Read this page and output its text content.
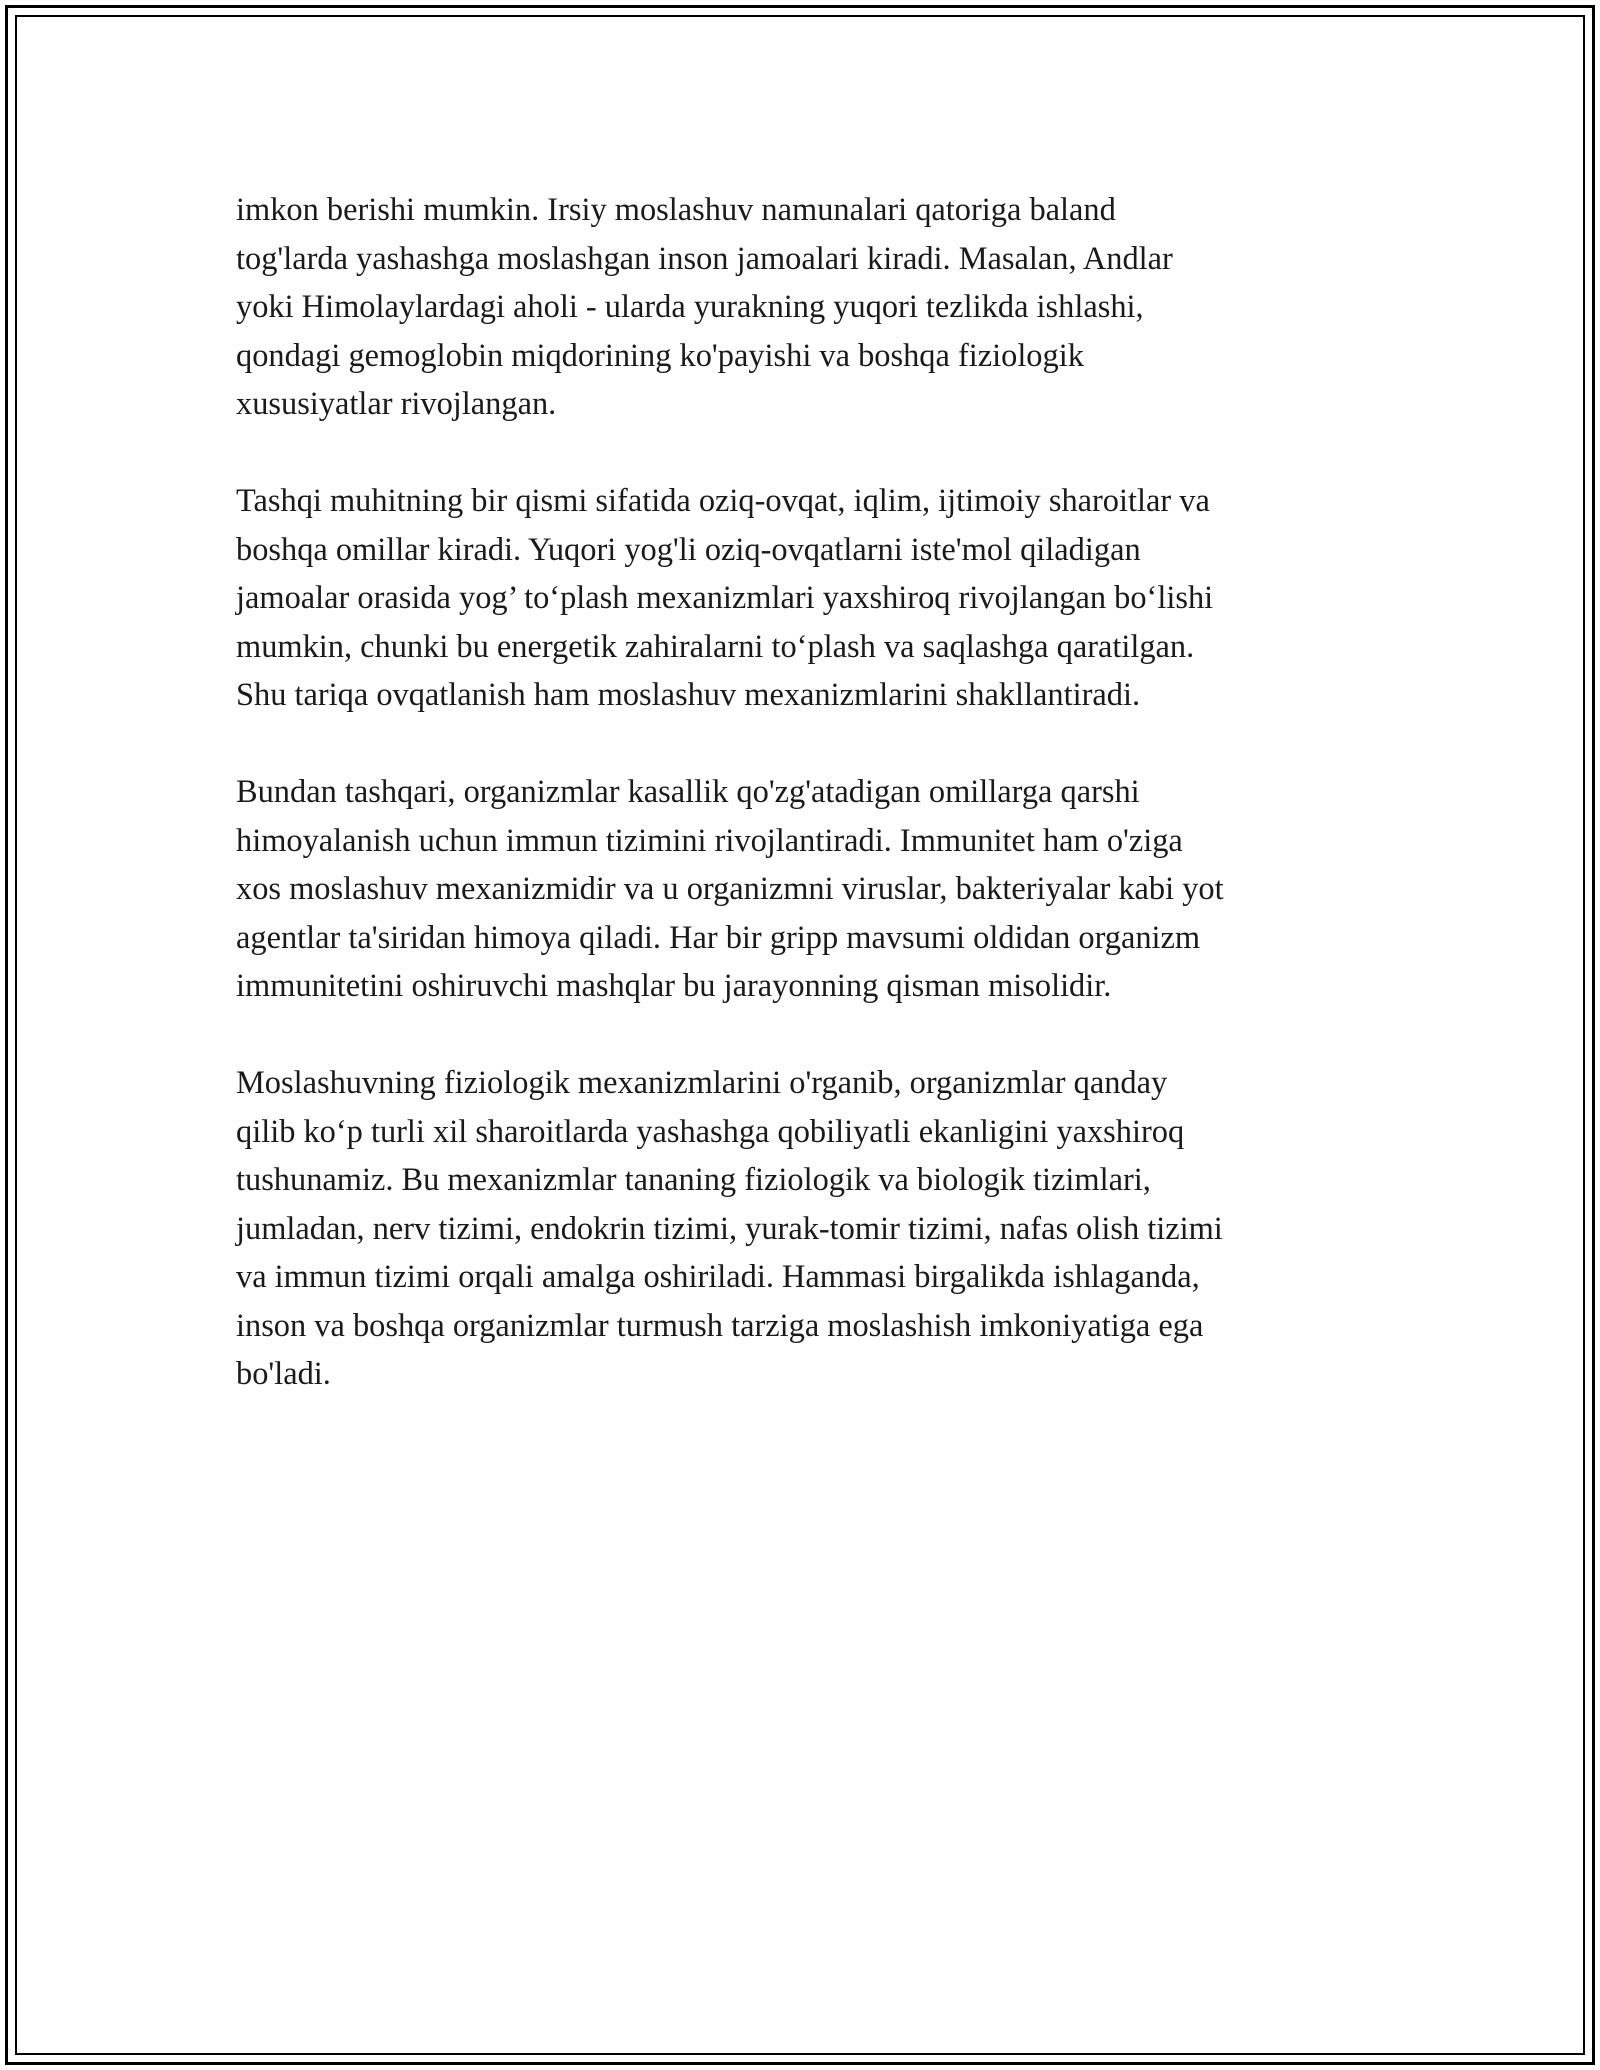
imkon berishi mumkin. Irsiy moslashuv namunalari qatoriga baland
tog'larda yashashga moslashgan inson jamoalari kiradi. Masalan, Andlar
yoki Himolaylardagi aholi - ularda yurakning yuqori tezlikda ishlashi,
qondagi gemoglobin miqdorining ko'payishi va boshqa fiziologik
xususiyatlar rivojlangan.

Tashqi muhitning bir qismi sifatida oziq-ovqat, iqlim, ijtimoiy sharoitlar va
boshqa omillar kiradi. Yuqori yog'li oziq-ovqatlarni iste'mol qiladigan
jamoalar orasida yog’ to‘plash mexanizmlari yaxshiroq rivojlangan bo‘lishi
mumkin, chunki bu energetik zahiralarni to‘plash va saqlashga qaratilgan.
Shu tariqa ovqatlanish ham moslashuv mexanizmlarini shakllantiradi.

Bundan tashqari, organizmlar kasallik qo'zg'atadigan omillarga qarshi
himoyalanish uchun immun tizimini rivojlantiradi. Immunitet ham o'ziga
xos moslashuv mexanizmidir va u organizmni viruslar, bakteriyalar kabi yot
agentlar ta'siridan himoya qiladi. Har bir gripp mavsumi oldidan organizm
immunitetini oshiruvchi mashqlar bu jarayonning qisman misolidir.

Moslashuvning fiziologik mexanizmlarini o'rganib, organizmlar qanday
qilib ko‘p turli xil sharoitlarda yashashga qobiliyatli ekanligini yaxshiroq
tushunamiz. Bu mexanizmlar tananing fiziologik va biologik tizimlari,
jumladan, nerv tizimi, endokrin tizimi, yurak-tomir tizimi, nafas olish tizimi
va immun tizimi orqali amalga oshiriladi. Hammasi birgalikda ishlaganda,
inson va boshqa organizmlar turmush tarziga moslashish imkoniyatiga ega
bo'ladi.
